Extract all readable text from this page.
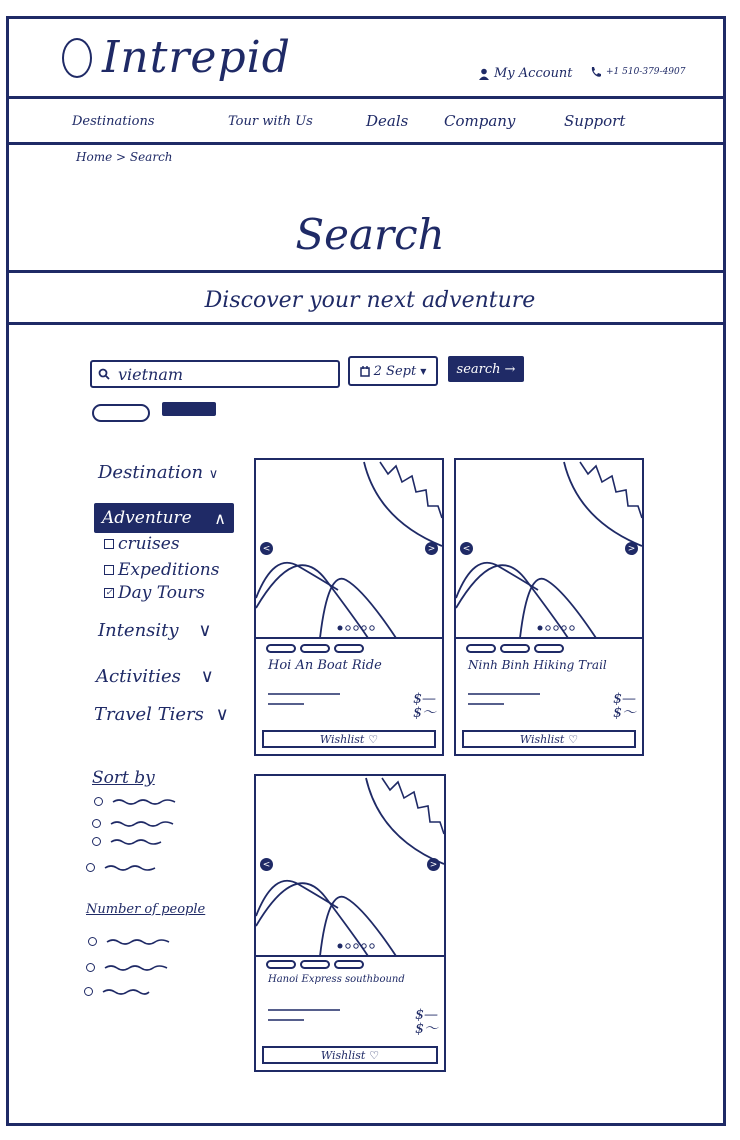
Intrepid	My Account	+1 510-379-4907
Destinations	Tour with Us	Deals Company	Support
Home > Search
Search
Discover your next adventure
vietnam
2 Sept ▼ search →
Destination ∨
Adventure ∧
cruises
Expeditions
✓ Day Tours
Intensity ∨
Activities ∨
Travel Tiers ∨
Sort by
Number of people
<	>
Hoi An Boat Ride
$—
$〜
Wishlist ♡
<	>
Ninh Binh Hiking Trail
$—
$〜
Wishlist ♡
<	>
Hanoi Express southbound
$—
$〜
Wishlist ♡
